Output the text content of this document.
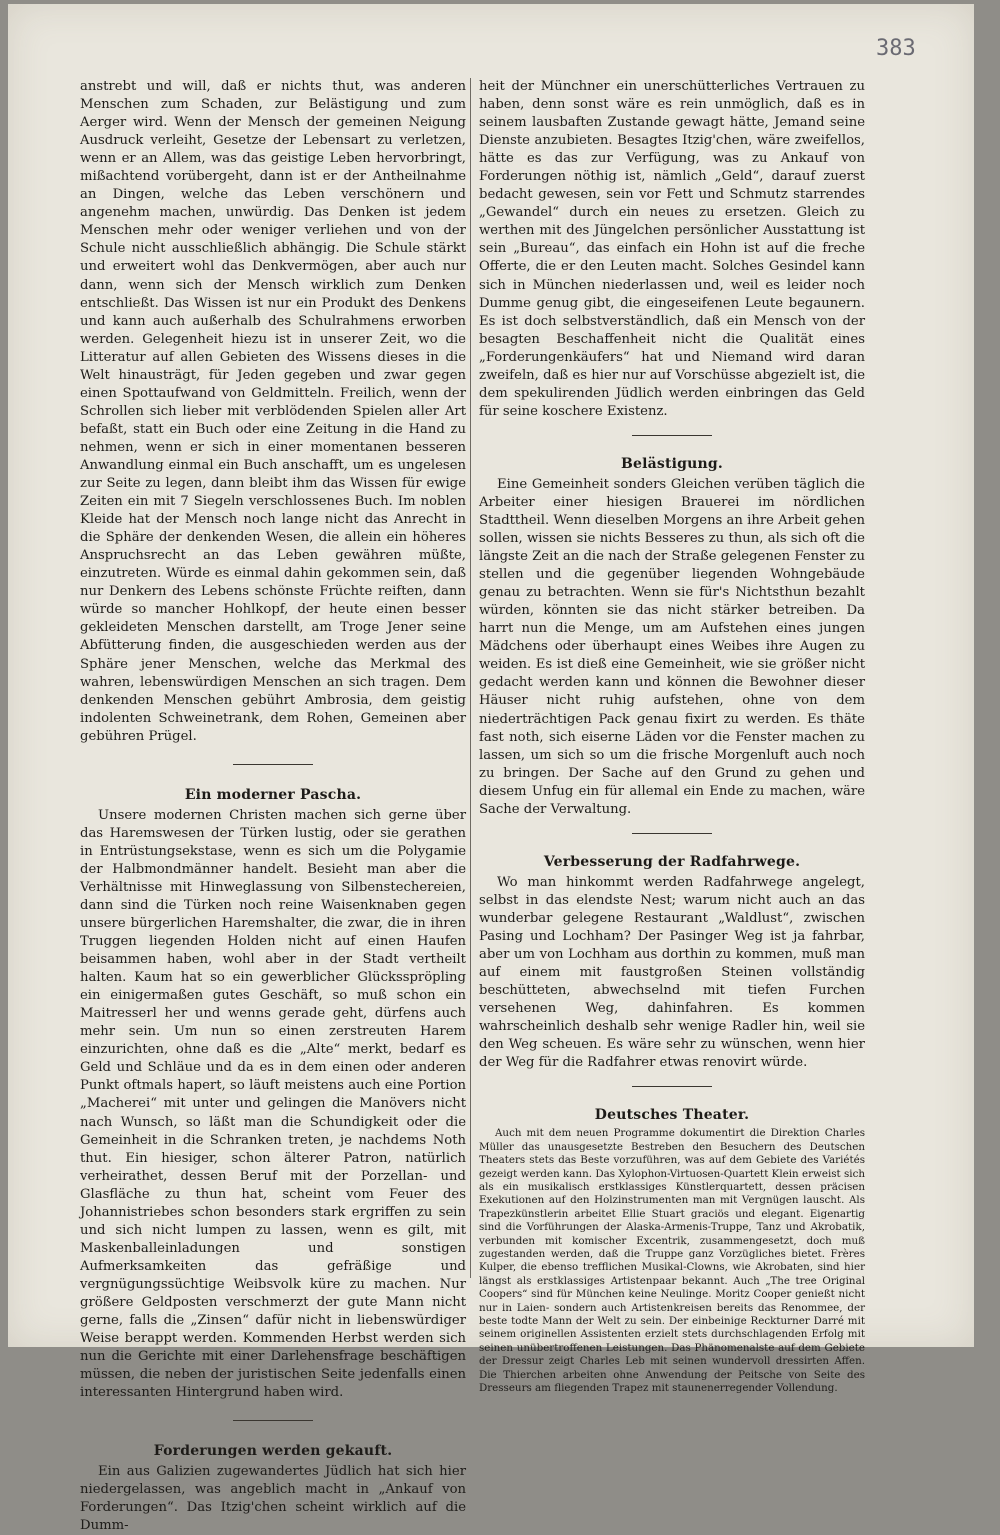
383

anstrebt und will, daß er nichts thut, was anderen Menschen zum Schaden, zur Belästigung und zum Aerger wird. Wenn der Mensch der gemeinen Neigung Ausdruck verleiht, Gesetze der Lebensart zu verletzen, wenn er an Allem, was das geistige Leben hervorbringt, mißachtend vorübergeht, dann ist er der Antheilnahme an Dingen, welche das Leben verschönern und angenehm machen, unwürdig. Das Denken ist jedem Menschen mehr oder weniger verliehen und von der Schule nicht ausschließlich abhängig. Die Schule stärkt und erweitert wohl das Denkvermögen, aber auch nur dann, wenn sich der Mensch wirklich zum Denken entschließt. Das Wissen ist nur ein Produkt des Denkens und kann auch außerhalb des Schulrahmens erworben werden. Gelegenheit hiezu ist in unserer Zeit, wo die Litteratur auf allen Gebieten des Wissens dieses in die Welt hinausträgt, für Jeden gegeben und zwar gegen einen Spottaufwand von Geldmitteln. Freilich, wenn der Schrollen sich lieber mit verblödenden Spielen aller Art befaßt, statt ein Buch oder eine Zeitung in die Hand zu nehmen, wenn er sich in einer momentanen besseren Anwandlung einmal ein Buch anschafft, um es ungelesen zur Seite zu legen, dann bleibt ihm das Wissen für ewige Zeiten ein mit 7 Siegeln verschlossenes Buch. Im noblen Kleide hat der Mensch noch lange nicht das Anrecht in die Sphäre der denkenden Wesen, die allein ein höheres Anspruchsrecht an das Leben gewähren müßte, einzutreten. Würde es einmal dahin gekommen sein, daß nur Denkern des Lebens schönste Früchte reiften, dann würde so mancher Hohlkopf, der heute einen besser gekleideten Menschen darstellt, am Troge Jener seine Abfütterung finden, die ausgeschieden werden aus der Sphäre jener Menschen, welche das Merkmal des wahren, lebenswürdigen Menschen an sich tragen. Dem denkenden Menschen gebührt Ambrosia, dem geistig indolenten Schweinetrank, dem Rohen, Gemeinen aber gebühren Prügel.

Ein moderner Pascha.

Unsere modernen Christen machen sich gerne über das Haremswesen der Türken lustig, oder sie gerathen in Entrüstungsekstase, wenn es sich um die Polygamie der Halbmondmänner handelt. Besieht man aber die Verhältnisse mit Hinweglassung von Silbenstechereien, dann sind die Türken noch reine Waisenknaben gegen unsere bürgerlichen Haremshalter, die zwar, die in ihren Truggen liegenden Holden nicht auf einen Haufen beisammen haben, wohl aber in der Stadt vertheilt halten. Kaum hat so ein gewerblicher Glücksspröpling ein einigermaßen gutes Geschäft, so muß schon ein Maitresserl her und wenns gerade geht, dürfens auch mehr sein. Um nun so einen zerstreuten Harem einzurichten, ohne daß es die „Alte“ merkt, bedarf es Geld und Schläue und da es in dem einen oder anderen Punkt oftmals hapert, so läuft meistens auch eine Portion „Macherei“ mit unter und gelingen die Manövers nicht nach Wunsch, so läßt man die Schundigkeit oder die Gemeinheit in die Schranken treten, je nachdems Noth thut. Ein hiesiger, schon älterer Patron, natürlich verheirathet, dessen Beruf mit der Porzellan- und Glasfläche zu thun hat, scheint vom Feuer des Johannistriebes schon besonders stark ergriffen zu sein und sich nicht lumpen zu lassen, wenn es gilt, mit Maskenballeinladungen und sonstigen Aufmerksamkeiten das gefräßige und vergnügungssüchtige Weibsvolk küre zu machen. Nur größere Geldposten verschmerzt der gute Mann nicht gerne, falls die „Zinsen“ dafür nicht in liebenswürdiger Weise berappt werden. Kommenden Herbst werden sich nun die Gerichte mit einer Darlehensfrage beschäftigen müssen, die neben der juristischen Seite jedenfalls einen interessanten Hintergrund haben wird.

Forderungen werden gekauft.

Ein aus Galizien zugewandertes Jüdlich hat sich hier niedergelassen, was angeblich macht in „Ankauf von Forderungen“. Das Itzig'chen scheint wirklich auf die Dumm-

heit der Münchner ein unerschütterliches Vertrauen zu haben, denn sonst wäre es rein unmöglich, daß es in seinem lausbaften Zustande gewagt hätte, Jemand seine Dienste anzubieten. Besagtes Itzig'chen, wäre zweifellos, hätte es das zur Verfügung, was zu Ankauf von Forderungen nöthig ist, nämlich „Geld“, darauf zuerst bedacht gewesen, sein vor Fett und Schmutz starrendes „Gewandel“ durch ein neues zu ersetzen. Gleich zu werthen mit des Jüngelchen persönlicher Ausstattung ist sein „Bureau“, das einfach ein Hohn ist auf die freche Offerte, die er den Leuten macht. Solches Gesindel kann sich in München niederlassen und, weil es leider noch Dumme genug gibt, die eingeseifenen Leute begaunern. Es ist doch selbstverständlich, daß ein Mensch von der besagten Beschaffenheit nicht die Qualität eines „Forderungenkäufers“ hat und Niemand wird daran zweifeln, daß es hier nur auf Vorschüsse abgezielt ist, die dem spekulirenden Jüdlich werden einbringen das Geld für seine koschere Existenz.

Belästigung.

Eine Gemeinheit sonders Gleichen verüben täglich die Arbeiter einer hiesigen Brauerei im nördlichen Stadttheil. Wenn dieselben Morgens an ihre Arbeit gehen sollen, wissen sie nichts Besseres zu thun, als sich oft die längste Zeit an die nach der Straße gelegenen Fenster zu stellen und die gegenüber liegenden Wohngebäude genau zu betrachten. Wenn sie für's Nichtsthun bezahlt würden, könnten sie das nicht stärker betreiben. Da harrt nun die Menge, um am Aufstehen eines jungen Mädchens oder überhaupt eines Weibes ihre Augen zu weiden. Es ist dieß eine Gemeinheit, wie sie größer nicht gedacht werden kann und können die Bewohner dieser Häuser nicht ruhig aufstehen, ohne von dem niederträchtigen Pack genau fixirt zu werden. Es thäte fast noth, sich eiserne Läden vor die Fenster machen zu lassen, um sich so um die frische Morgenluft auch noch zu bringen. Der Sache auf den Grund zu gehen und diesem Unfug ein für allemal ein Ende zu machen, wäre Sache der Verwaltung.

Verbesserung der Radfahrwege.

Wo man hinkommt werden Radfahrwege angelegt, selbst in das elendste Nest; warum nicht auch an das wunderbar gelegene Restaurant „Waldlust“, zwischen Pasing und Lochham? Der Pasinger Weg ist ja fahrbar, aber um von Lochham aus dorthin zu kommen, muß man auf einem mit faustgroßen Steinen vollständig beschütteten, abwechselnd mit tiefen Furchen versehenen Weg, dahinfahren. Es kommen wahrscheinlich deshalb sehr wenige Radler hin, weil sie den Weg scheuen. Es wäre sehr zu wünschen, wenn hier der Weg für die Radfahrer etwas renovirt würde.

Deutsches Theater.

Auch mit dem neuen Programme dokumentirt die Direktion Charles Müller das unausgesetzte Bestreben den Besuchern des Deutschen Theaters stets das Beste vorzuführen, was auf dem Gebiete des Variétés gezeigt werden kann. Das Xylophon-Virtuosen-Quartett Klein erweist sich als ein musikalisch erstklassiges Künstlerquartett, dessen präcisen Exekutionen auf den Holzinstrumenten man mit Vergnügen lauscht. Als Trapezkünstlerin arbeitet Ellie Stuart graciös und elegant. Eigenartig sind die Vorführungen der Alaska-Armenis-Truppe, Tanz und Akrobatik, verbunden mit komischer Excentrik, zusammengesetzt, doch muß zugestanden werden, daß die Truppe ganz Vorzügliches bietet. Frères Kulper, die ebenso trefflichen Musikal-Clowns, wie Akrobaten, sind hier längst als erstklassiges Artistenpaar bekannt. Auch „The tree Original Coopers“ sind für München keine Neulinge. Moritz Cooper genießt nicht nur in Laien- sondern auch Artistenkreisen bereits das Renommee, der beste todte Mann der Welt zu sein. Der einbeinige Reckturner Darré mit seinem originellen Assistenten erzielt stets durchschlagenden Erfolg mit seinen unübertroffenen Leistungen. Das Phänomenalste auf dem Gebiete der Dressur zeigt Charles Leb mit seinen wundervoll dressirten Affen. Die Thierchen arbeiten ohne Anwendung der Peitsche von Seite des Dresseurs am fliegenden Trapez mit staunenerregender Vollendung.
